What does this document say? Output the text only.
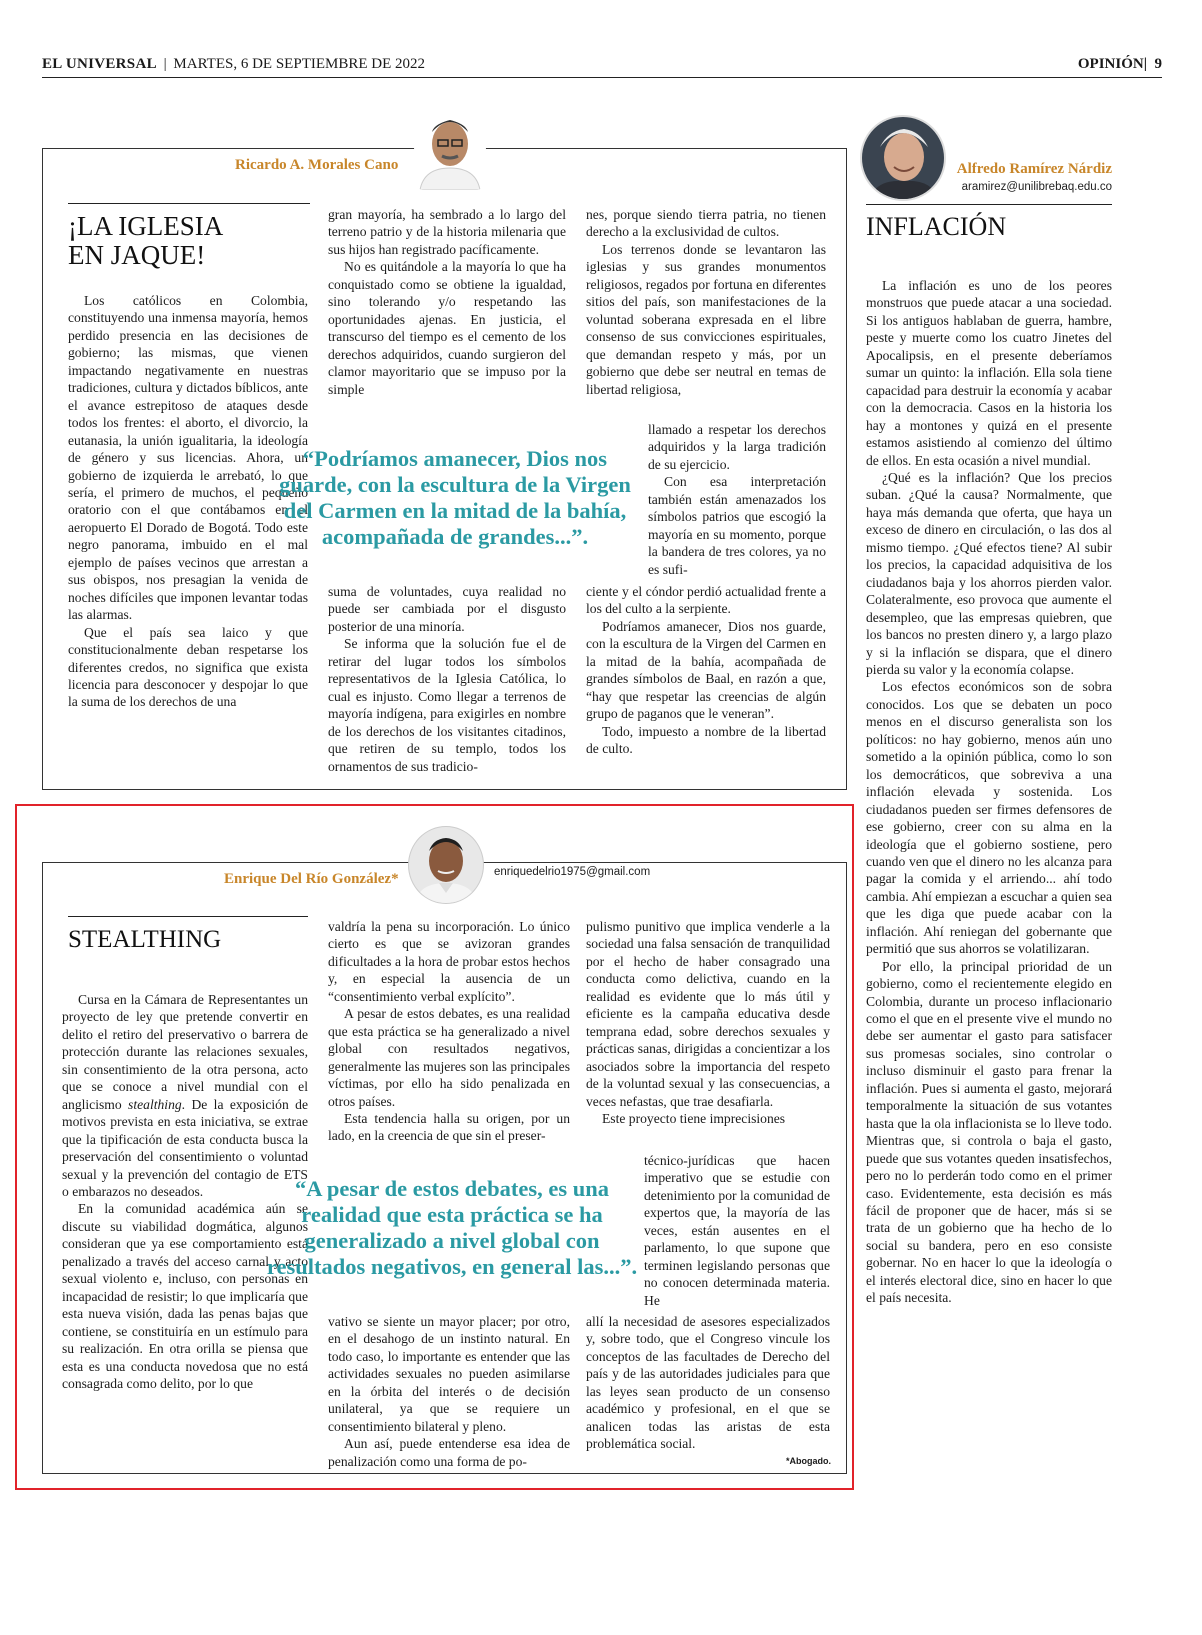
EL UNIVERSAL | MARTES, 6 DE SEPTIEMBRE DE 2022	OPINIÓN| 9
Ricardo A. Morales Cano
¡LA IGLESIA
EN JAQUE!

Los católicos en Colombia, constituyendo una inmensa mayoría, hemos perdido presencia en las decisiones de gobierno; las mismas, que vienen impactando negativamente en nuestras tradiciones, cultura y dictados bíblicos, ante el avance estrepitoso de ataques desde todos los frentes: el aborto, el divorcio, la eutanasia, la unión igualitaria, la ideología de género y sus licencias. Ahora, un gobierno de izquierda le arrebató, lo que sería, el primero de muchos, el pequeño oratorio con el que contábamos en el aeropuerto El Dorado de Bogotá. Todo este negro panorama, imbuido en el mal ejemplo de países vecinos que arrestan a sus obispos, nos presagian la venida de noches difíciles que imponen levantar todas las alarmas.

Que el país sea laico y que constitucionalmente deban respetarse los diferentes credos, no significa que exista licencia para desconocer y despojar lo que la suma de los derechos de una

gran mayoría, ha sembrado a lo largo del terreno patrio y de la historia milenaria que sus hijos han registrado pacíficamente.

No es quitándole a la mayoría lo que ha conquistado como se obtiene la igualdad, sino tolerando y/o respetando las oportunidades ajenas. En justicia, el transcurso del tiempo es el cemento de los derechos adquiridos, cuando surgieron del clamor mayoritario que se impuso por la simple

nes, porque siendo tierra patria, no tienen derecho a la exclusividad de cultos.

Los terrenos donde se levantaron las iglesias y sus grandes monumentos religiosos, regados por fortuna en diferentes sitios del país, son manifestaciones de la voluntad soberana expresada en el libre consenso de sus convicciones espirituales, que demandan respeto y más, por un gobierno que debe ser neutral en temas de libertad religiosa,

llamado a respetar los derechos adquiridos y la larga tradición de su ejercicio.

Con esa interpretación también están amenazados los símbolos patrios que escogió la mayoría en su momento, porque la bandera de tres colores, ya no es sufi-

“Podríamos amanecer, Dios nos guarde, con la escultura de la Virgen del Carmen en la mitad de la bahía, acompañada de grandes...”.

suma de voluntades, cuya realidad no puede ser cambiada por el disgusto posterior de una minoría.

Se informa que la solución fue el de retirar del lugar todos los símbolos representativos de la Iglesia Católica, lo cual es injusto. Como llegar a terrenos de mayoría indígena, para exigirles en nombre de los derechos de los visitantes citadinos, que retiren de su templo, todos los ornamentos de sus tradicio-

ciente y el cóndor perdió actualidad frente a los del culto a la serpiente.

Podríamos amanecer, Dios nos guarde, con la escultura de la Virgen del Carmen en la mitad de la bahía, acompañada de grandes símbolos de Baal, en razón a que, “hay que respetar las creencias de algún grupo de paganos que le veneran”.

Todo, impuesto a nombre de la libertad de culto.

Alfredo Ramírez Nárdiz
aramirez@unilibrebaq.edu.co
INFLACIÓN

La inflación es uno de los peores monstruos que puede atacar a una sociedad. Si los antiguos hablaban de guerra, hambre, peste y muerte como los cuatro Jinetes del Apocalipsis, en el presente deberíamos sumar un quinto: la inflación. Ella sola tiene capacidad para destruir la economía y acabar con la democracia. Casos en la historia los hay a montones y quizá en el presente estamos asistiendo al comienzo del último de ellos. En esta ocasión a nivel mundial.

¿Qué es la inflación? Que los precios suban. ¿Qué la causa? Normalmente, que haya más demanda que oferta, que haya un exceso de dinero en circulación, o las dos al mismo tiempo. ¿Qué efectos tiene? Al subir los precios, la capacidad adquisitiva de los ciudadanos baja y los ahorros pierden valor. Colateralmente, eso provoca que aumente el desempleo, que las empresas quiebren, que los bancos no presten dinero y, a largo plazo y si la inflación se dispara, que el dinero pierda su valor y la economía colapse.

Los efectos económicos son de sobra conocidos. Los que se debaten un poco menos en el discurso generalista son los políticos: no hay gobierno, menos aún uno sometido a la opinión pública, como lo son los democráticos, que sobreviva a una inflación elevada y sostenida. Los ciudadanos pueden ser firmes defensores de ese gobierno, creer con su alma en la ideología que el gobierno sostiene, pero cuando ven que el dinero no les alcanza para pagar la comida y el arriendo... ahí todo cambia. Ahí empiezan a escuchar a quien sea que les diga que puede acabar con la inflación. Ahí reniegan del gobernante que permitió que sus ahorros se volatilizaran.

Por ello, la principal prioridad de un gobierno, como el recientemente elegido en Colombia, durante un proceso inflacionario como el que en el presente vive el mundo no debe ser aumentar el gasto para satisfacer sus promesas sociales, sino controlar o incluso disminuir el gasto para frenar la inflación. Pues si aumenta el gasto, mejorará temporalmente la situación de sus votantes hasta que la ola inflacionista se lo lleve todo. Mientras que, si controla o baja el gasto, puede que sus votantes queden insatisfechos, pero no lo perderán todo como en el primer caso. Evidentemente, esta decisión es más fácil de proponer que de hacer, más si se trata de un gobierno que ha hecho de lo social su bandera, pero en eso consiste gobernar. No en hacer lo que la ideología o el interés electoral dice, sino en hacer lo que el país necesita.

Enrique Del Río González*	enriquedelrio1975@gmail.com
STEALTHING

Cursa en la Cámara de Representantes un proyecto de ley que pretende convertir en delito el retiro del preservativo o barrera de protección durante las relaciones sexuales, sin consentimiento de la otra persona, acto que se conoce a nivel mundial con el anglicismo stealthing. De la exposición de motivos prevista en esta iniciativa, se extrae que la tipificación de esta conducta busca la preservación del consentimiento o voluntad sexual y la prevención del contagio de ETS o embarazos no deseados.

En la comunidad académica aún se discute su viabilidad dogmática, algunos consideran que ya ese comportamiento está penalizado a través del acceso carnal y acto sexual violento e, incluso, con personas en incapacidad de resistir; lo que implicaría que esta nueva visión, dada las penas bajas que contiene, se constituiría en un estímulo para su realización. En otra orilla se piensa que esta es una conducta novedosa que no está consagrada como delito, por lo que

valdría la pena su incorporación. Lo único cierto es que se avizoran grandes dificultades a la hora de probar estos hechos y, en especial la ausencia de un “consentimiento verbal explícito”.

A pesar de estos debates, es una realidad que esta práctica se ha generalizado a nivel global con resultados negativos, generalmente las mujeres son las principales víctimas, por ello ha sido penalizada en otros países.

Esta tendencia halla su origen, por un lado, en la creencia de que sin el preser-

pulismo punitivo que implica venderle a la sociedad una falsa sensación de tranquilidad por el hecho de haber consagrado una conducta como delictiva, cuando en la realidad es evidente que lo más útil y eficiente es la campaña educativa desde temprana edad, sobre derechos sexuales y prácticas sanas, dirigidas a concientizar a los asociados sobre la importancia del respeto de la voluntad sexual y las consecuencias, a veces nefastas, que trae desafiarla.

Este proyecto tiene imprecisiones

técnico-jurídicas que hacen imperativo que se estudie con detenimiento por la comunidad de expertos que, la mayoría de las veces, están ausentes en el parlamento, lo que supone que terminen legislando personas que no conocen determinada materia. He

“A pesar de estos debates, es una realidad que esta práctica se ha generalizado a nivel global con resultados negativos, en general las...”.

vativo se siente un mayor placer; por otro, en el desahogo de un instinto natural. En todo caso, lo importante es entender que las actividades sexuales no pueden asimilarse en la órbita del interés o de decisión unilateral, ya que se requiere un consentimiento bilateral y pleno.

Aun así, puede entenderse esa idea de penalización como una forma de po-

allí la necesidad de asesores especializados y, sobre todo, que el Congreso vincule los conceptos de las facultades de Derecho del país y de las autoridades judiciales para que las leyes sean producto de un consenso académico y profesional, en el que se analicen todas las aristas de esta problemática social.

*Abogado.
